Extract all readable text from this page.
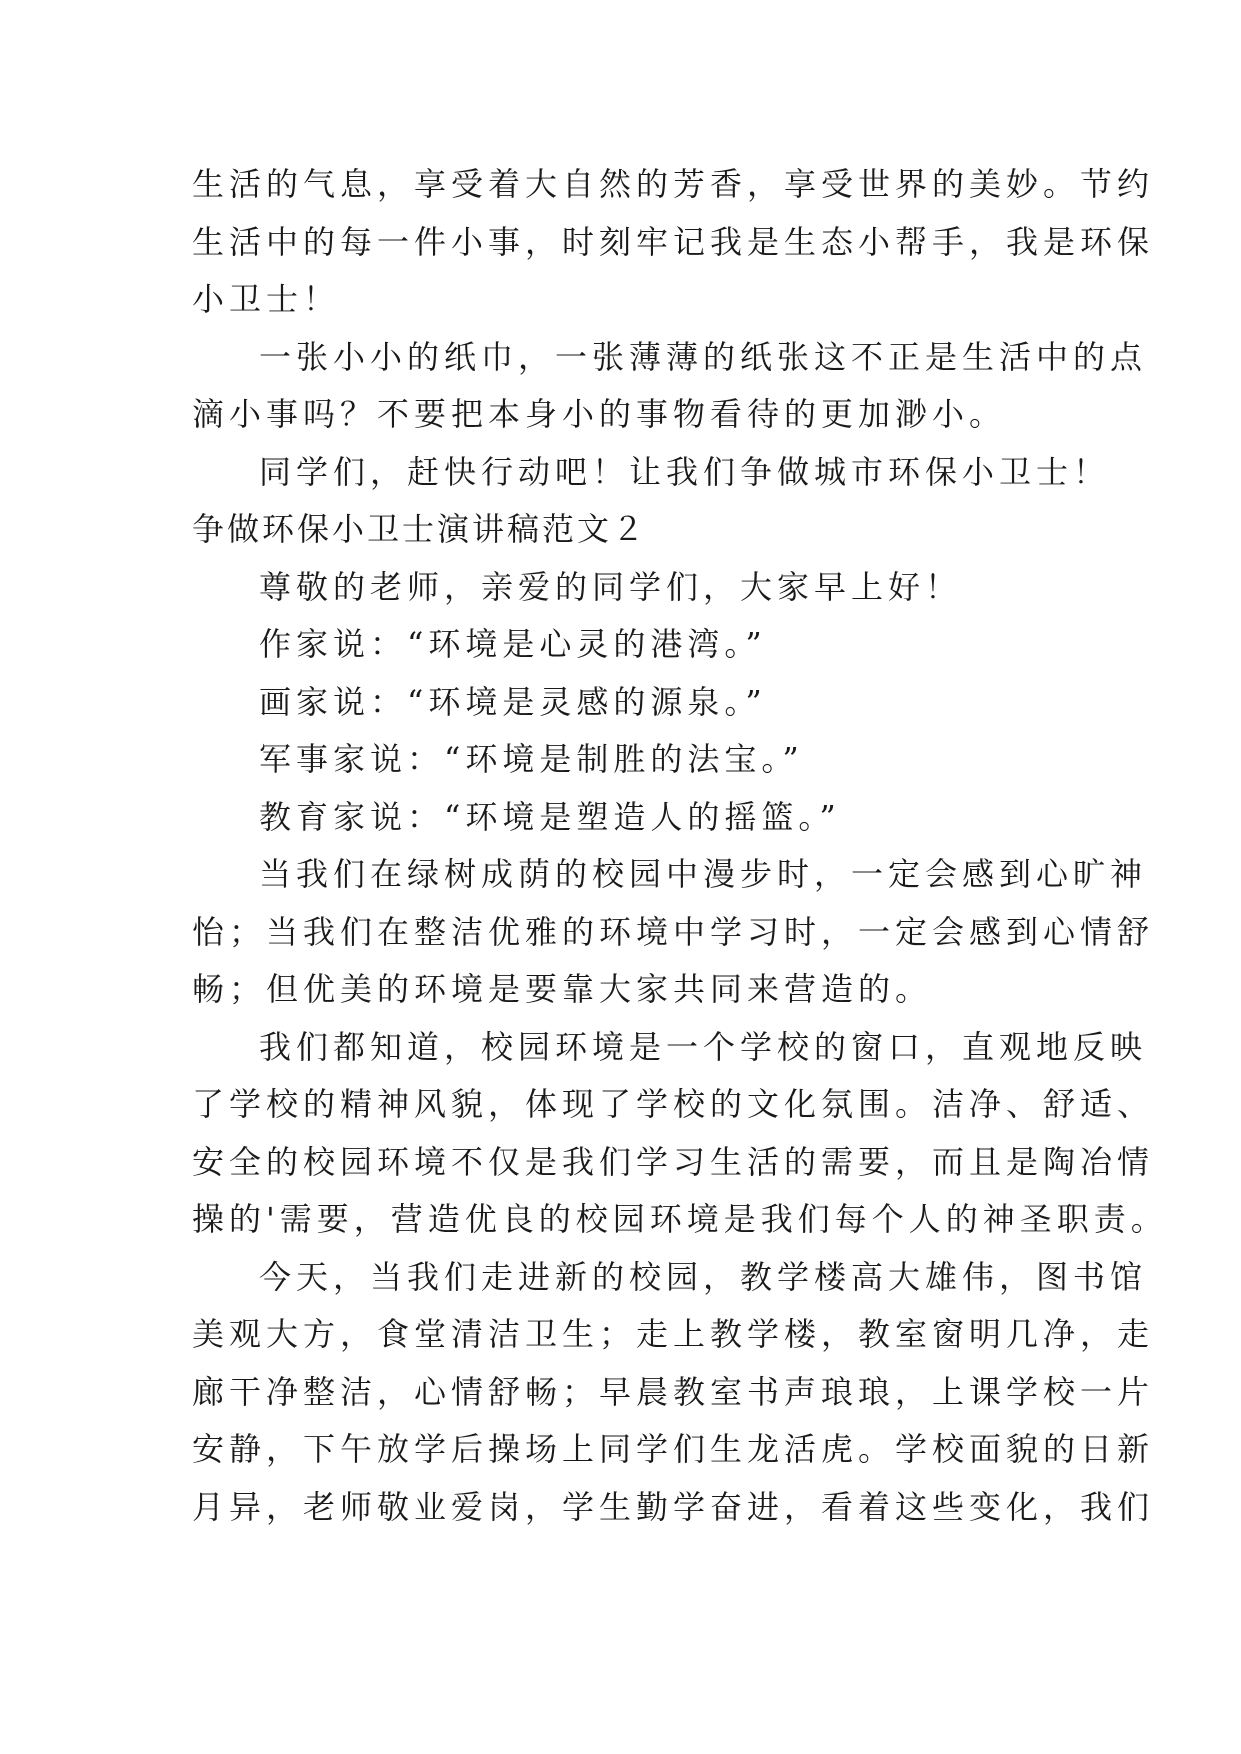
生活的气息，享受着大自然的芳香，享受世界的美妙。节约

生活中的每一件小事，时刻牢记我是生态小帮手，我是环保

小卫士！

一张小小的纸巾，一张薄薄的纸张这不正是生活中的点

滴小事吗？不要把本身小的事物看待的更加渺小。

同学们，赶快行动吧！让我们争做城市环保小卫士！

争做环保小卫士演讲稿范文２

尊敬的老师，亲爱的同学们，大家早上好！

作家说：“环境是心灵的港湾。”

画家说：“环境是灵感的源泉。”

军事家说：“环境是制胜的法宝。”

教育家说：“环境是塑造人的摇篮。”

当我们在绿树成荫的校园中漫步时，一定会感到心旷神

怡；当我们在整洁优雅的环境中学习时，一定会感到心情舒

畅；但优美的环境是要靠大家共同来营造的。

我们都知道，校园环境是一个学校的窗口，直观地反映

了学校的精神风貌，体现了学校的文化氛围。洁净、舒适、

安全的校园环境不仅是我们学习生活的需要，而且是陶冶情

操的'需要，营造优良的校园环境是我们每个人的神圣职责。

今天，当我们走进新的校园，教学楼高大雄伟，图书馆

美观大方，食堂清洁卫生；走上教学楼，教室窗明几净，走

廊干净整洁，心情舒畅；早晨教室书声琅琅，上课学校一片

安静，下午放学后操场上同学们生龙活虎。学校面貌的日新

月异，老师敬业爱岗，学生勤学奋进，看着这些变化，我们
